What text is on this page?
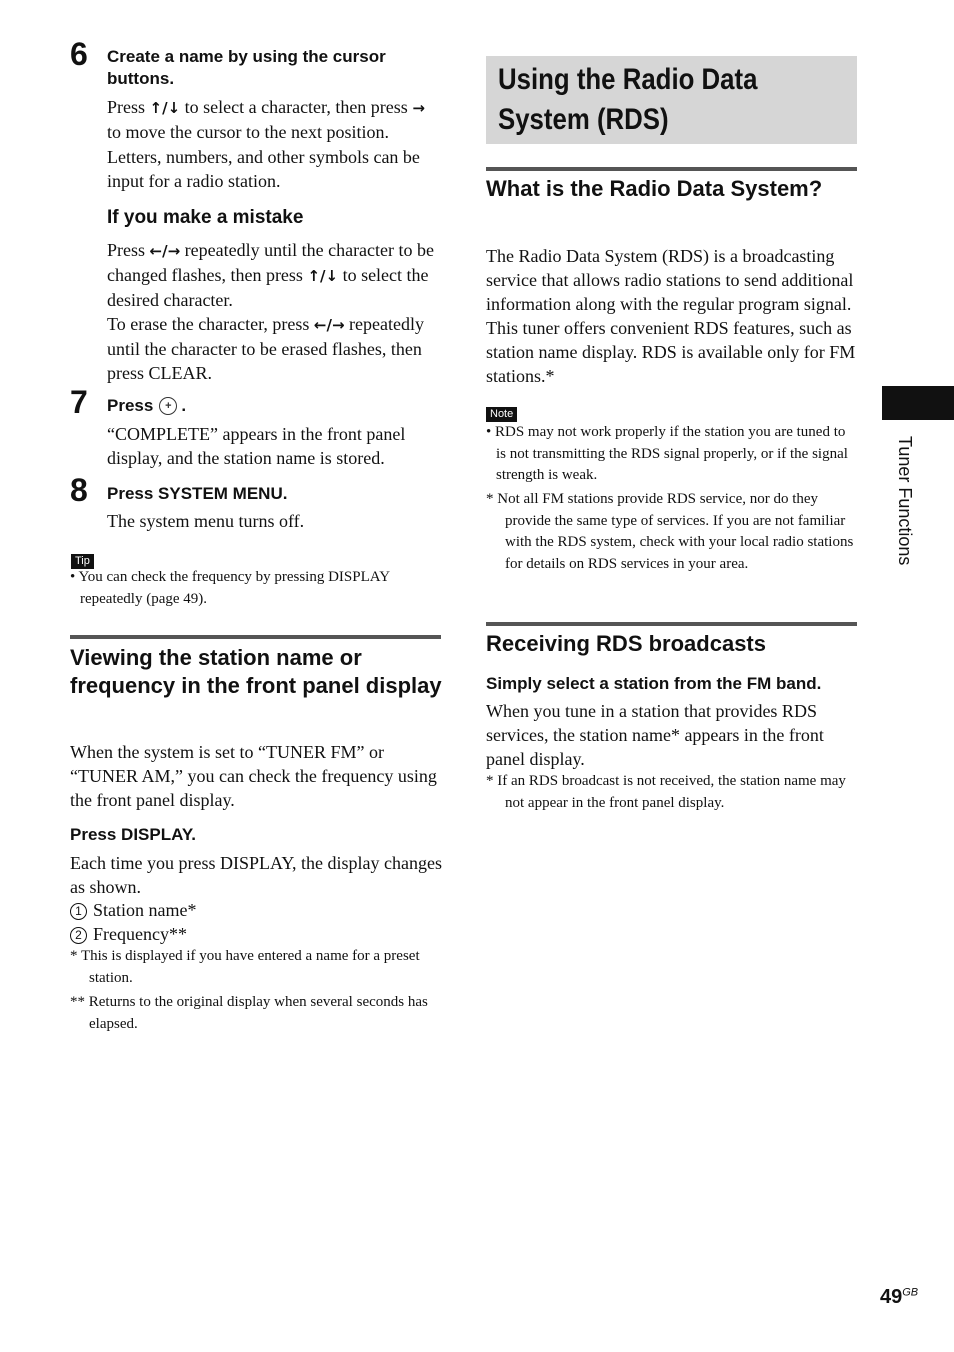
6 Create a name by using the cursor buttons.
Press ↑/↓ to select a character, then press → to move the cursor to the next position.
Letters, numbers, and other symbols can be input for a radio station.
If you make a mistake
Press ←/→ repeatedly until the character to be changed flashes, then press ↑/↓ to select the desired character.
To erase the character, press ←/→ repeatedly until the character to be erased flashes, then press CLEAR.
7 Press+ .
“COMPLETE” appears in the front panel display, and the station name is stored.
8 Press SYSTEM MENU.
The system menu turns off.
Tip
• You can check the frequency by pressing DISPLAY repeatedly (page 49).
Viewing the station name or frequency in the front panel display
When the system is set to “TUNER FM” or “TUNER AM,” you can check the frequency using the front panel display.
Press DISPLAY.
Each time you press DISPLAY, the display changes as shown.
1 Station name*
2 Frequency**
* This is displayed if you have entered a name for a preset station.
** Returns to the original display when several seconds has elapsed.
Using the Radio Data System (RDS)
What is the Radio Data System?
The Radio Data System (RDS) is a broadcasting service that allows radio stations to send additional information along with the regular program signal. This tuner offers convenient RDS features, such as station name display. RDS is available only for FM stations.*
Note
• RDS may not work properly if the station you are tuned to is not transmitting the RDS signal properly, or if the signal strength is weak.
* Not all FM stations provide RDS service, nor do they provide the same type of services. If you are not familiar with the RDS system, check with your local radio stations for details on RDS services in your area.
Receiving RDS broadcasts
Simply select a station from the FM band.
When you tune in a station that provides RDS services, the station name* appears in the front panel display.
* If an RDS broadcast is not received, the station name may not appear in the front panel display.
Tuner Functions
$49^{GB}$
